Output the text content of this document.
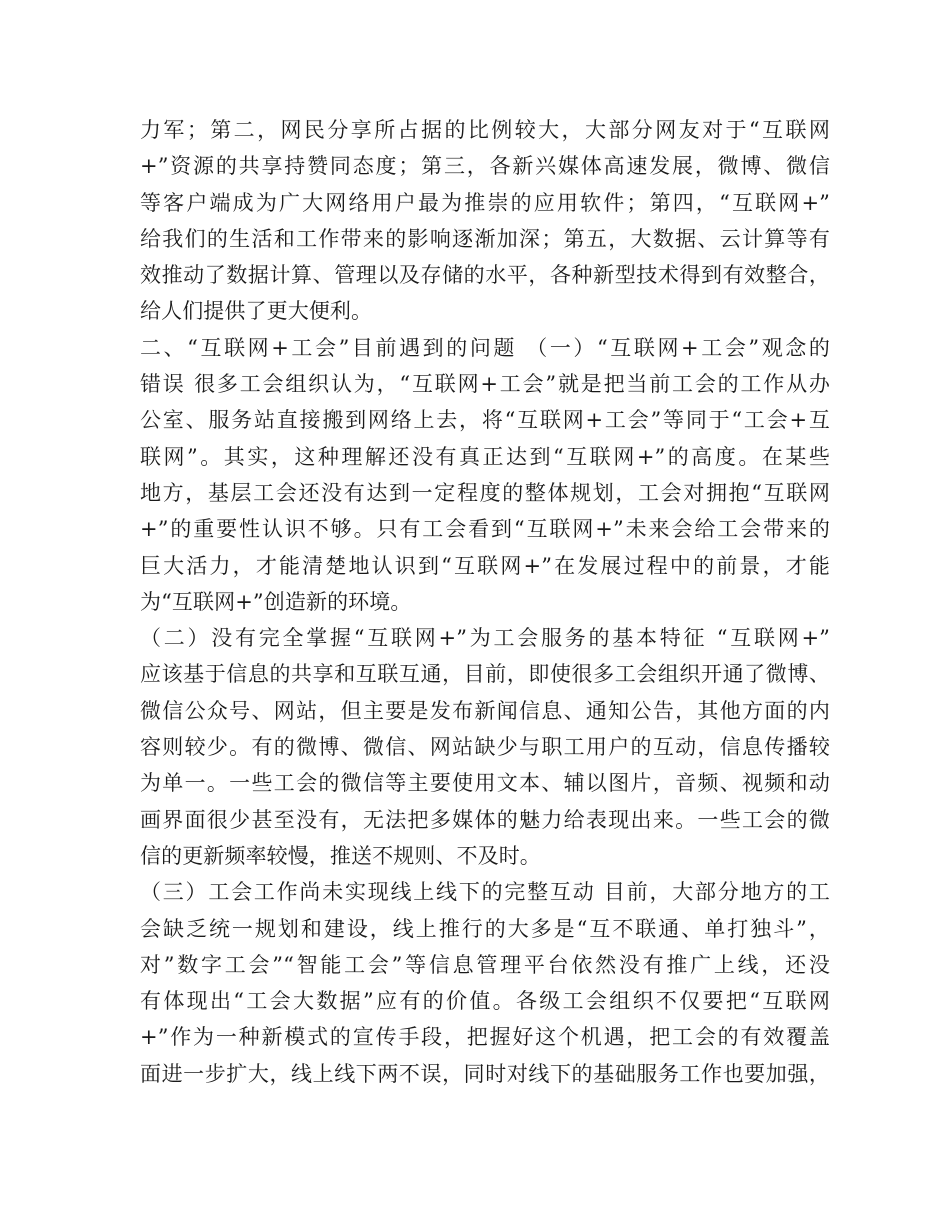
力军；第二，网民分享所占据的比例较大，大部分网友对于“互联网
+”资源的共享持赞同态度；第三，各新兴媒体高速发展，微博、微信
等客户端成为广大网络用户最为推崇的应用软件；第四，“互联网+”
给我们的生活和工作带来的影响逐渐加深；第五，大数据、云计算等有
效推动了数据计算、管理以及存储的水平，各种新型技术得到有效整合，
给人们提供了更大便利。
二、“互联网+工会”目前遇到的问题 （一）“互联网+工会”观念的
错误 很多工会组织认为，“互联网+工会”就是把当前工会的工作从办
公室、服务站直接搬到网络上去，将“互联网+工会”等同于“工会+互
联网”。其实，这种理解还没有真正达到“互联网+”的高度。在某些
地方，基层工会还没有达到一定程度的整体规划，工会对拥抱“互联网
+”的重要性认识不够。只有工会看到“互联网+”未来会给工会带来的
巨大活力，才能清楚地认识到“互联网+”在发展过程中的前景，才能
为“互联网+”创造新的环境。
（二）没有完全掌握“互联网+”为工会服务的基本特征 “互联网+”
应该基于信息的共享和互联互通，目前，即使很多工会组织开通了微博、
微信公众号、网站，但主要是发布新闻信息、通知公告，其他方面的内
容则较少。有的微博、微信、网站缺少与职工用户的互动，信息传播较
为单一。一些工会的微信等主要使用文本、辅以图片，音频、视频和动
画界面很少甚至没有，无法把多媒体的魅力给表现出来。一些工会的微
信的更新频率较慢，推送不规则、不及时。
（三）工会工作尚未实现线上线下的完整互动 目前，大部分地方的工
会缺乏统一规划和建设，线上推行的大多是“互不联通、单打独斗”，
对”数字工会”“智能工会”等信息管理平台依然没有推广上线，还没
有体现出“工会大数据”应有的价值。各级工会组织不仅要把“互联网
+”作为一种新模式的宣传手段，把握好这个机遇，把工会的有效覆盖
面进一步扩大，线上线下两不误，同时对线下的基础服务工作也要加强，
